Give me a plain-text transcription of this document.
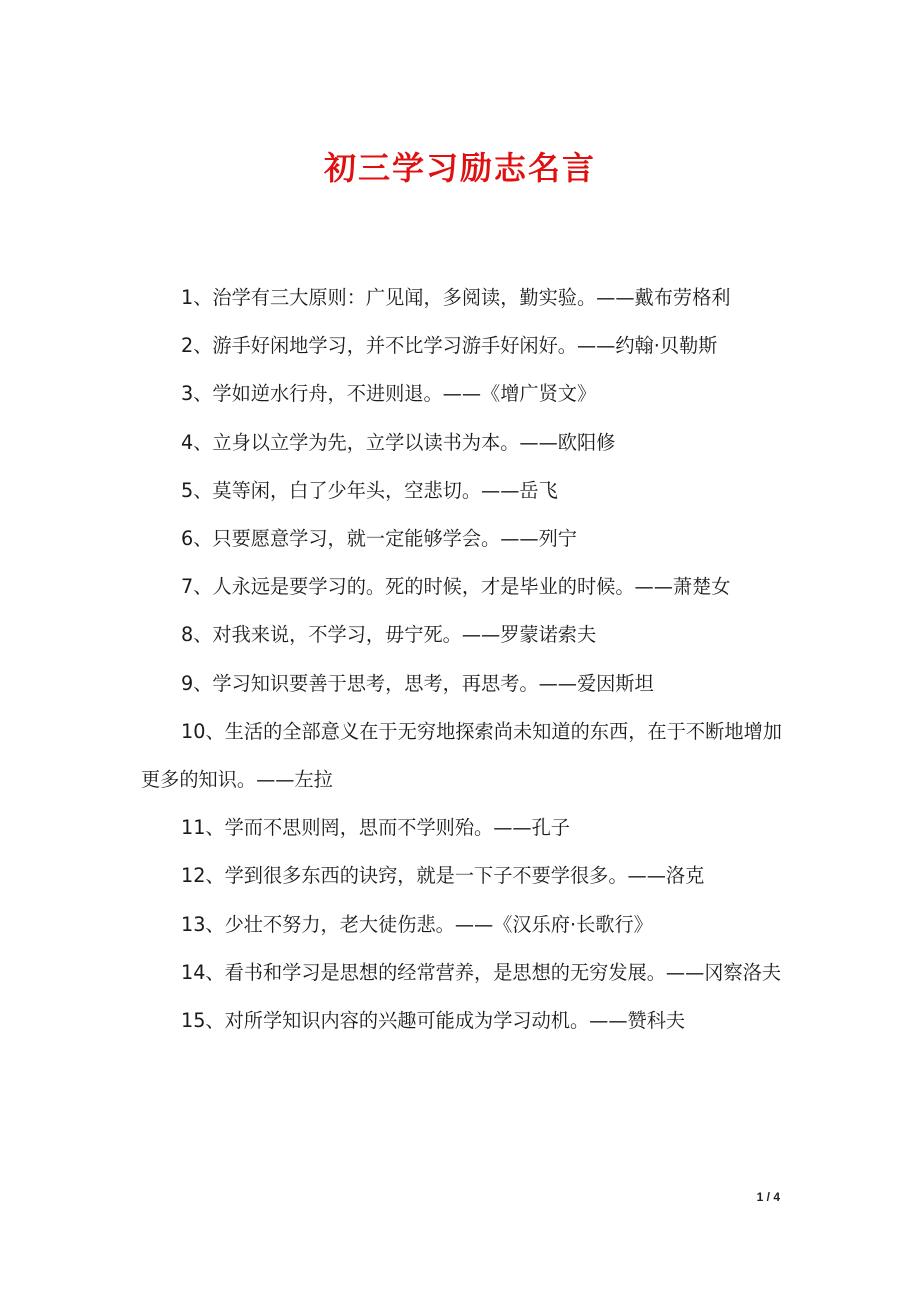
初三学习励志名言

1、治学有三大原则：广见闻，多阅读，勤实验。——戴布劳格利

2、游手好闲地学习，并不比学习游手好闲好。——约翰·贝勒斯

3、学如逆水行舟，不进则退。——《增广贤文》

4、立身以立学为先，立学以读书为本。——欧阳修

5、莫等闲，白了少年头，空悲切。——岳飞

6、只要愿意学习，就一定能够学会。——列宁

7、人永远是要学习的。死的时候，才是毕业的时候。——萧楚女

8、对我来说，不学习，毋宁死。——罗蒙诺索夫

9、学习知识要善于思考，思考，再思考。——爱因斯坦

10、生活的全部意义在于无穷地探索尚未知道的东西，在于不断地增加更多的知识。——左拉

11、学而不思则罔，思而不学则殆。——孔子

12、学到很多东西的诀窍，就是一下子不要学很多。——洛克

13、少壮不努力，老大徒伤悲。——《汉乐府·长歌行》

14、看书和学习是思想的经常营养，是思想的无穷发展。——冈察洛夫

15、对所学知识内容的兴趣可能成为学习动机。——赞科夫

1 / 4
